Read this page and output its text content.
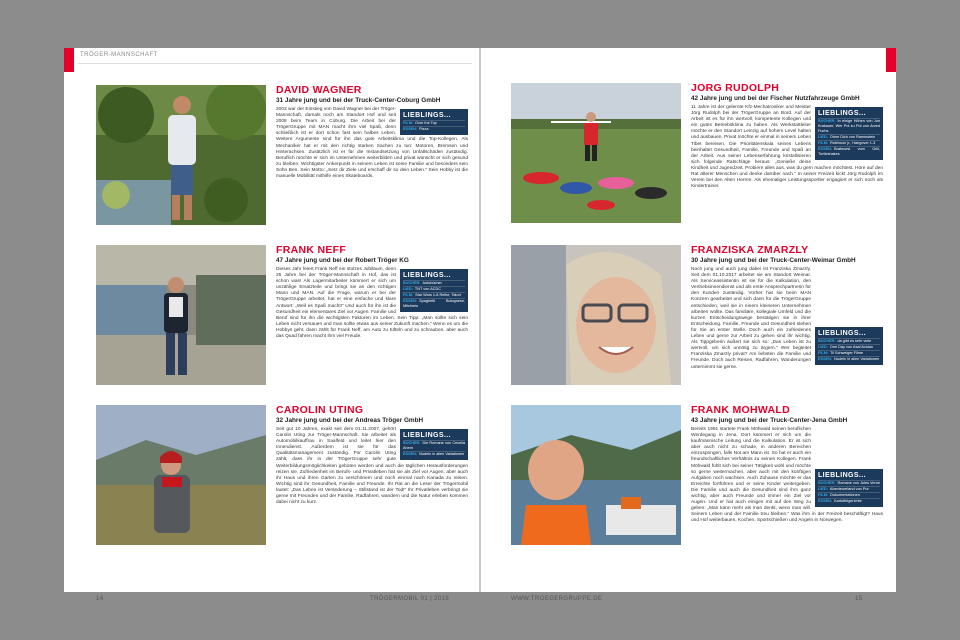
TRÖGER-MANNSCHAFT
DAVID WAGNER
31 Jahre jung und bei der Truck-Center-Coburg GmbH
LIEBLINGS...
FILM: Over the Top
ESSEN: Pizza
2003 war der Einstieg von David Wagner bei der Tröger-Mannschaft, damals noch am Standort Hof und seit 2008 beim Team in Coburg. Die Arbeit bei der TrögerGruppe mit MAN macht ihm viel Spaß, denn schließlich ist er dort schon fast sein halbes Leben. Weitere Argumente sind für ihn das gute Arbeitsklima und die Top-Kollegen. Als Mechaniker hat er mit den richtig starken Sachen zu tun: Motoren, Bremsen und Hinterachsen. Zusätzlich ist er für die Instandsetzung von Unfallschäden zuständig. Beruflich möchte er sich im Unternehmen weiterbilden und privat wünscht er sich gesund zu bleiben. Wichtigster Ankerpunkt in seinem Leben ist seine Familie und besonders sein Sohn Ben. Sein Motto: „Setz dir Ziele und erschaff dir so dein Leben.“ Sein Hobby ist die manuelle Mobilität mithilfe eines Skateboards.
FRANK NEFF
47 Jahre jung und bei der Robert Tröger KG
LIEBLINGS...
BÜCHER: Autobücher
LIED: TNT von ACDC
FILM: Star Wars 1-8 Reihe, Tatort
ESSEN: Spaghetti Bolognese, Milchreis
Dieses Jahr feiert Frank Neff ein stolzes Jubiläum, denn 25 Jahre bei der Tröger-Mannschaft in Hof, das ist schon was! Als Lagermitarbeiter kümmert er sich um unzählige Ersatzteile und bringt sie an den richtigen Mann und MAN. Auf die Frage, warum er bei der TrögerGruppe arbeitet, hat er eine einfache und klare Antwort: „Weil es Spaß macht!“ Und auch für ihn ist die Gesundheit ein elementares Ziel vor Augen. Familie und Beruf sind für ihn die wichtigsten Faktoren im Leben. Sein Tipp: „Man sollte sich sein Leben nicht versauen und man sollte etwas aus seiner Zukunft machen.“ Wenn es um die Hobbys geht, dann zählt für Frank Neff, am Auto zu tüfteln und zu schrauben, aber auch das Quad fahren macht ihm viel Freude.
CAROLIN UTING
32 Jahre jung und bei der Andreas Tröger GmbH
LIEBLINGS...
BÜCHER: Die Romane von Cecelia Ahern
ESSEN: Nudeln in allen Variationen
Seit gut 10 Jahren, exakt seit dem 01.11.2007, gehört Carolin Uting zur Tröger-Mannschaft. Sie arbeitet als Automobilkauffrau in Saalfeld und leitet hier den Innendienst. Außerdem ist sie für das Qualitätsmanagement zuständig. Für Carolin Uting zählt, dass ihr in der TrögerGruppe sehr gute Weiterbildungsmöglichkeiten geboten werden und auch die täglichen Herausforderungen reizen sie. Zufriedenheit im Berufs- und Privatleben hat sie als Ziel vor Augen, aber auch ihr Haus und ihren Garten zu verschönern und noch einmal nach Kanada zu reisen. Wichtig sind ihr Gesundheit, Familie und Freunde. Ihr Rat an die Leser der Trögermobil lautet: „Das Leben ist Veränderung – Stillstand ist der Tod!“ Ihr Privatleben verbringt sie gerne mit Freunden und der Familie. Radfahren, wandern und die Natur erleben kommen dabei nicht zu kurz.
JÖRG RUDOLPH
42 Jahre jung und bei der Fischer Nutzfahrzeuge GmbH
LIEBLINGS...
BÜCHER: In einige Höhen von Jon Krakauer, Wer Pol zu Pol von Arved Fuchs
LIED: Ohne Dich von Rammstein
FILM: Robinson jr., Hangover 1-3
ESSEN: Bratwurst vom Grill, Turtleshakes
11 Jahre ist der gelernte Kfz-Mechatroniker und Meister Jörg Rudolph bei der TrögerGruppe an Bord. Auf der Arbeit ist es für ihn wertvoll, kompetente Kollegen und ein gutes Betriebsklima zu haben. Als Werkstattleiter möchte er den Standort Leinzig auf hohem Level halten und ausbauen. Privat möchte er einmal in seinem Leben Tibet bereisen. Die Prioritätenskala seines Lebens beinhaltet Gesundheit, Familie, Freunde und Spaß an der Arbeit. Aus seiner Lebenserfahrung kristallisieren sich folgende Ratschläge heraus: „Genieße deine Kindheit und Jugendzeit. Probiere alles aus, was du gern machen möchtest. Höre auf den Rat älterer Menschen und denke darüber nach.“ In seiner Freizeit kickt Jörg Rudolph im Verein bei den Alten Herren. Als ehemaliger Leistungssportler engagiert er sich noch als Kindertrainer.
FRANZISKA ZMARZLY
30 Jahre jung und bei der Truck-Center-Weimar GmbH
LIEBLINGS...
BÜCHER: da gibt es sehr viele
LIED: One Day von Asaf Avidan
FILM: Til Schweiger Filme
ESSEN: Nudeln in allen Variationen
Noch jung und auch jung dabei ist Franziska Zmarzly. Seit dem 01.10.2017 arbeitet sie am Standort Weimar. Als Serviceassistentin ist sie für die Kalkulation, den Vertriebsinnendienst und als erste Ansprechpartnerin für den Kunden zuständig. Vorher hat sie beim MAN Konzern gearbeitet und sich dann für die TrögerGruppe entschieden, weil sie in einem kleineren Unternehmen arbeiten wollte. Das familiäre, kollegiale Umfeld und die kurzen Entscheidungswege bestätigen sie in ihrer Entscheidung. Familie, Freunde und Gesundheit stehen für Sie an erster Stelle. Doch auch ein zufriedenes Leben und gerne zur Arbeit zu gehen sind ihr wichtig. Als Tippgeberin äußert sie sich so: „Das Leben ist zu wertvoll, um sich unnötig zu ärgern.“ Wer begleitet Franziska Zmarzly privat? Am liebsten die Familie und Freunde. Doch auch Reisen, Radfahren, Wanderungen unternimmt sie gerne.
FRANK MÖHWALD
43 Jahre jung und bei der Truck-Center-Jena GmbH
LIEBLINGS...
BÜCHER: Romane von Jules Verne
LIED: Abenteuerland von Pur
FILM: Dokumentationen
ESSEN: Kartoffelgerichte
Bereits 1991 startete Frank Möhwald seinen beruflichen Werdegang in Jena. Dort kümmert er sich um die kaufmännische Leitung und die Kalkulation. Er ist sich aber auch nicht zu schade, in anderen Bereichen einzuspringen, falls Not am Mann ist. So hat er auch ein freundschaftliches Verhältnis zu seinen Kollegen. Frank Möhwald fühlt sich bei seiner Tätigkeit wohl und möchte so gerne weitermachen, aber auch mit den künftigen Aufgaben noch wachsen. Auch Zuhause möchte er das Erreichte fortführen und er seine Kinder weitergeben. Die Familie und auch die Gesundheit sind ihm ganz wichtig, aber auch Freunde und immer ein Ziel vor Augen. Und er hat auch einiges mit auf den Weg zu geben: „Man kann mehr als man denkt, wenn man will. Seinem Leben und der Familie treu bleiben.“ Was ihm in der Freizeit beschäftigt? Haus und Hof weiterbauen, Kochen, Sportschießen und Angeln in Norwegen.
14	TRÖGERMOBIL 01 | 2018	WWW.TROEGERGRUPPE.DE	15
